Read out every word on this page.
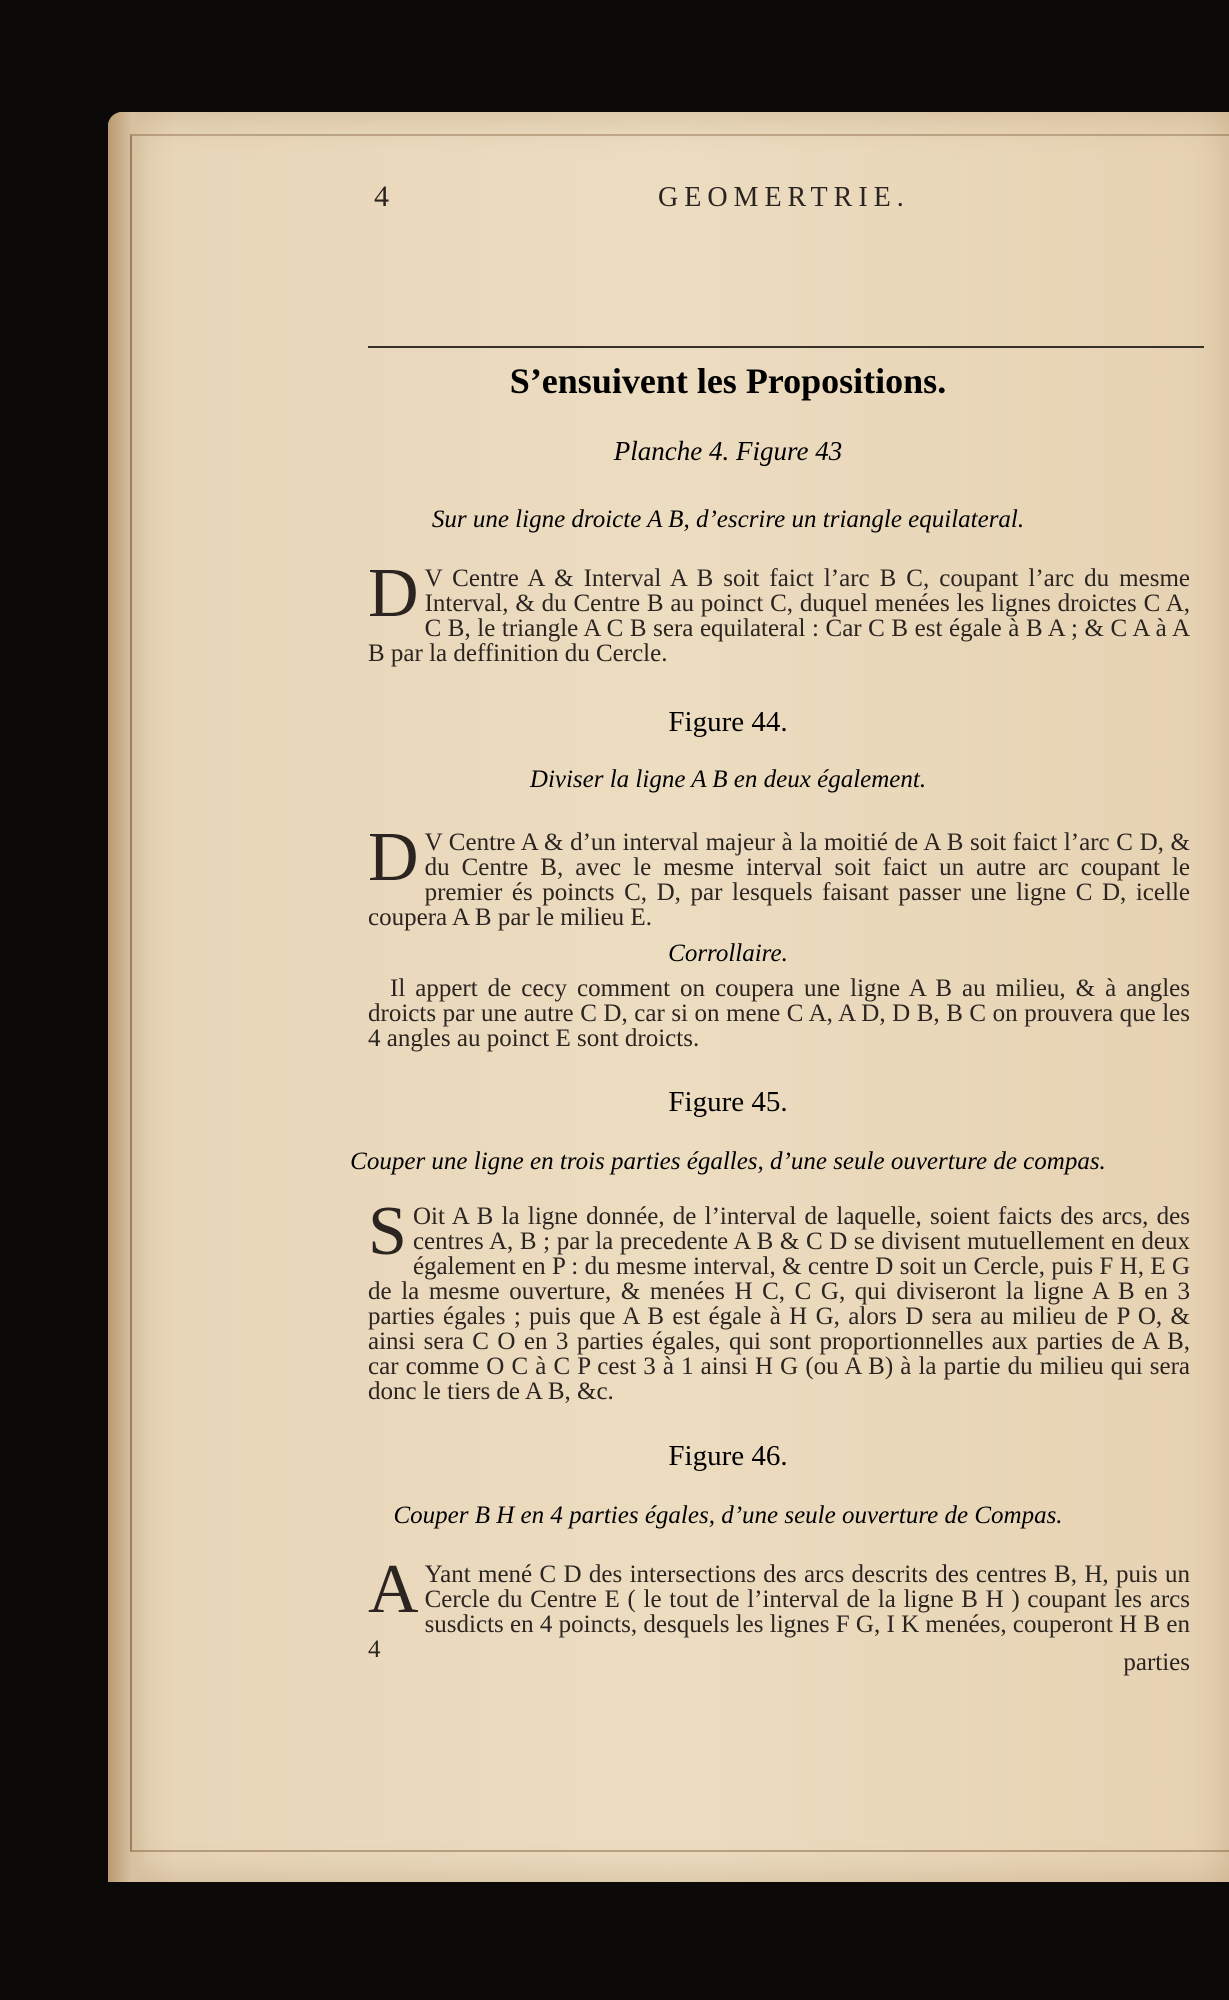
4	GEOMERTRIE.
S’ensuivent les Propositions.
Planche 4. Figure 43
Sur une ligne droicte A B, d’escrire un triangle equilateral.
D V Centre A & Interval A B soit faict l’arc B C, coupant l’arc du mesme Interval, & du Centre B au poinct C, duquel menées les lignes droictes C A, C B, le triangle A C B sera equilateral : Car C B est égale à B A ; & C A à A B par la deffinition du Cercle.
Figure 44.
Diviser la ligne A B en deux également.
D V Centre A & d’un interval majeur à la moitié de A B soit faict l’arc C D, & du Centre B, avec le mesme interval soit faict un autre arc coupant le premier és poincts C, D, par lesquels faisant passer une ligne C D, icelle coupera A B par le milieu E.
Corrollaire.
Il appert de cecy comment on coupera une ligne A B au milieu, & à angles droicts par une autre C D, car si on mene C A, A D, D B, B C on prouvera que les 4 angles au poinct E sont droicts.
Figure 45.
Couper une ligne en trois parties égalles, d’une seule ouverture de compas.
S Oit A B la ligne donnée, de l’interval de laquelle, soient faicts des arcs, des centres A, B ; par la precedente A B & C D se divisent mutuellement en deux également en P : du mesme interval, & centre D soit un Cercle, puis F H, E G de la mesme ouverture, & menées H C, C G, qui diviseront la ligne A B en 3 parties égales ; puis que A B est égale à H G, alors D sera au milieu de P O, & ainsi sera C O en 3 parties égales, qui sont proportionnelles aux parties de A B, car comme O C à C P cest 3 à 1 ainsi H G (ou A B) à la partie du milieu qui sera donc le tiers de A B, &c.
Figure 46.
Couper B H en 4 parties égales, d’une seule ouverture de Compas.
A Yant mené C D des intersections des arcs descrits des centres B, H, puis un Cercle du Centre E ( le tout de l’interval de la ligne B H ) coupant les arcs susdicts en 4 poincts, desquels les lignes F G, I K menées, couperont H B en 4	parties
